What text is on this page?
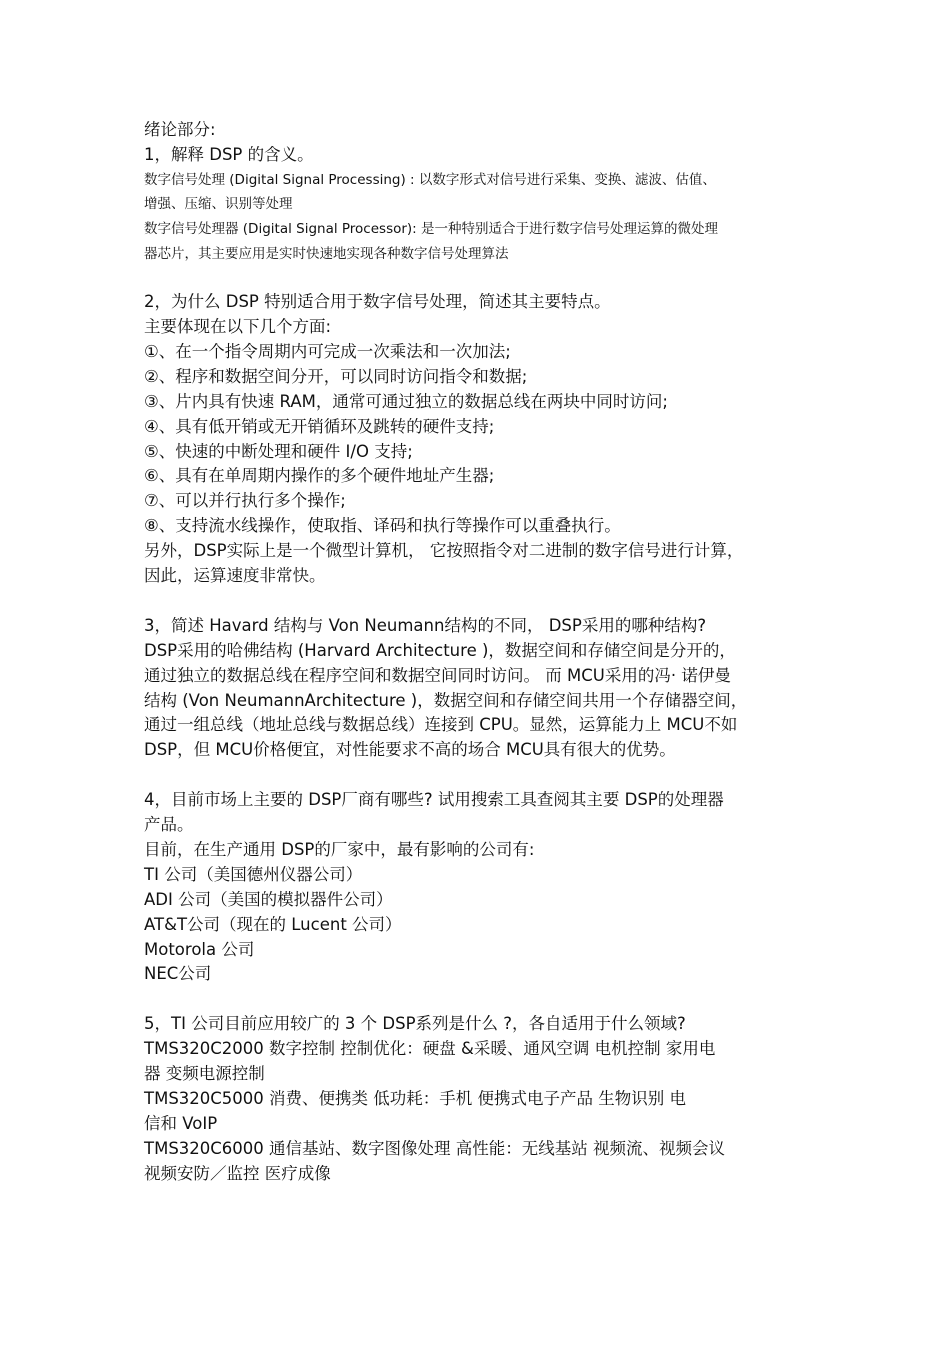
绪论部分:
1，解释 DSP 的含义。
数字信号处理 (Digital Signal Processing) : 以数字形式对信号进行采集、变换、滤波、估值、
增强、压缩、识别等处理
数字信号处理器 (Digital Signal Processor): 是一种特别适合于进行数字信号处理运算的微处理
器芯片，其主要应用是实时快速地实现各种数字信号处理算法
2，为什么 DSP 特别适合用于数字信号处理，简述其主要特点。
主要体现在以下几个方面:
①、在一个指令周期内可完成一次乘法和一次加法;
②、程序和数据空间分开，可以同时访问指令和数据;
③、片内具有快速 RAM，通常可通过独立的数据总线在两块中同时访问;
④、具有低开销或无开销循环及跳转的硬件支持;
⑤、快速的中断处理和硬件 I/O 支持;
⑥、具有在单周期内操作的多个硬件地址产生器;
⑦、可以并行执行多个操作;
⑧、支持流水线操作，使取指、译码和执行等操作可以重叠执行。
另外，DSP实际上是一个微型计算机， 它按照指令对二进制的数字信号进行计算，
因此，运算速度非常快。
3，简述 Havard 结构与 Von Neumann结构的不同， DSP采用的哪种结构?
DSP采用的哈佛结构 (Harvard Architecture )，数据空间和存储空间是分开的，
通过独立的数据总线在程序空间和数据空间同时访问。 而 MCU采用的冯· 诺伊曼
结构 (Von NeumannArchitecture )，数据空间和存储空间共用一个存储器空间，
通过一组总线（地址总线与数据总线）连接到 CPU。显然，运算能力上 MCU不如
DSP，但 MCU价格便宜，对性能要求不高的场合 MCU具有很大的优势。
4，目前市场上主要的 DSP厂商有哪些? 试用搜索工具查阅其主要 DSP的处理器
产品。
目前，在生产通用 DSP的厂家中，最有影响的公司有:
TI 公司（美国德州仪器公司）
ADI 公司（美国的模拟器件公司）
AT&T公司（现在的 Lucent 公司）
Motorola 公司
NEC公司
5，TI 公司目前应用较广的 3 个 DSP系列是什么 ?，各自适用于什么领域?
TMS320C2000 数字控制 控制优化：硬盘 &采暖、通风空调 电机控制 家用电
器 变频电源控制
TMS320C5000 消费、便携类 低功耗：手机 便携式电子产品 生物识别 电
信和 VoIP
TMS320C6000 通信基站、数字图像处理 高性能：无线基站 视频流、视频会议
视频安防／监控 医疗成像
